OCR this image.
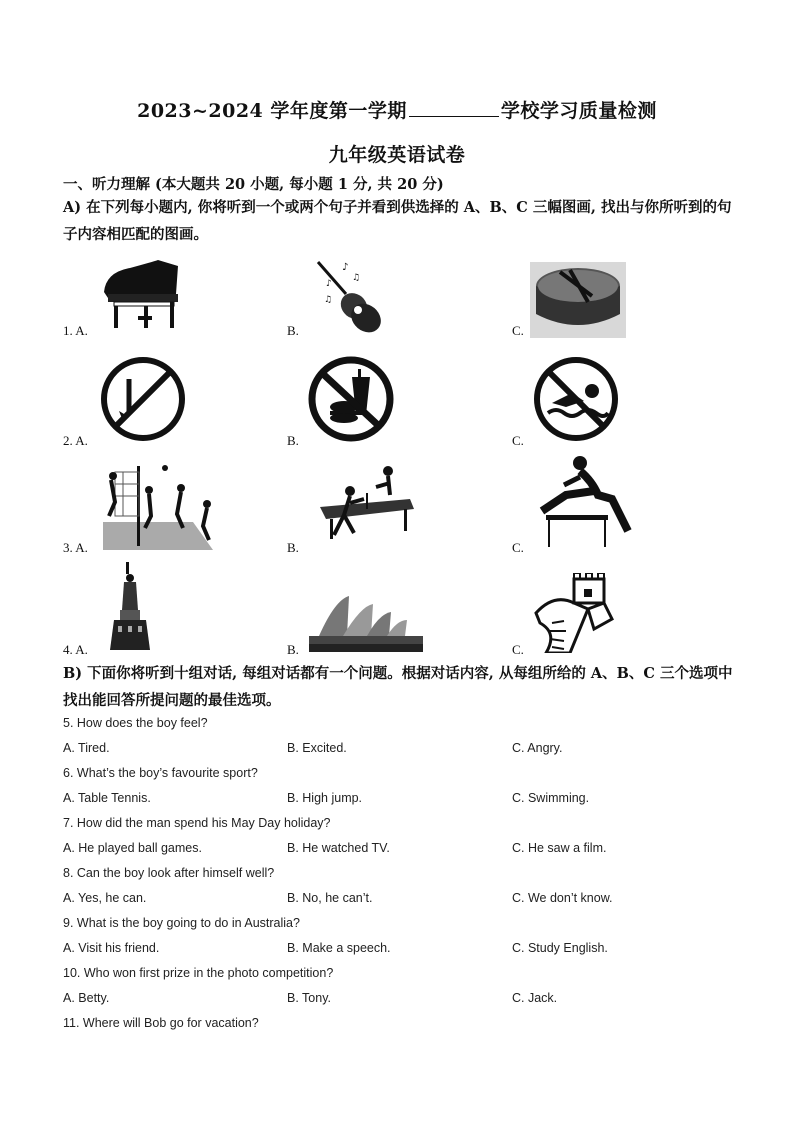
2023~2024 学年度第一学期	学校学习质量检测
九年级英语试卷
一、听力理解 (本大题共 20 小题, 每小题 1 分, 共 20 分)
A) 在下列每小题内, 你将听到一个或两个句子并看到供选择的 A、B、C 三幅图画, 找出与你所听到的句子内容相匹配的图画。
1. A.	B.	C.
♪
♫
♪
♫
2. A.	B.	C.
3. A.	B.	C.
4. A.	B.	C.
B) 下面你将听到十组对话, 每组对话都有一个问题。根据对话内容, 从每组所给的 A、B、C 三个选项中找出能回答所提问题的最佳选项。
5. How does the boy feel?
A. Tired.	B. Excited.	C. Angry.
6. What’s the boy’s favourite sport?
A. Table Tennis.	B. High jump.	C. Swimming.
7. How did the man spend his May Day holiday?
A. He played ball games.	B. He watched TV.	C. He saw a film.
8. Can the boy look after himself well?
A. Yes, he can.	B. No, he can’t.	C. We don’t know.
9. What is the boy going to do in Australia?
A. Visit his friend.	B. Make a speech.	C. Study English.
10. Who won first prize in the photo competition?
A. Betty.	B. Tony.	C. Jack.
11. Where will Bob go for vacation?
